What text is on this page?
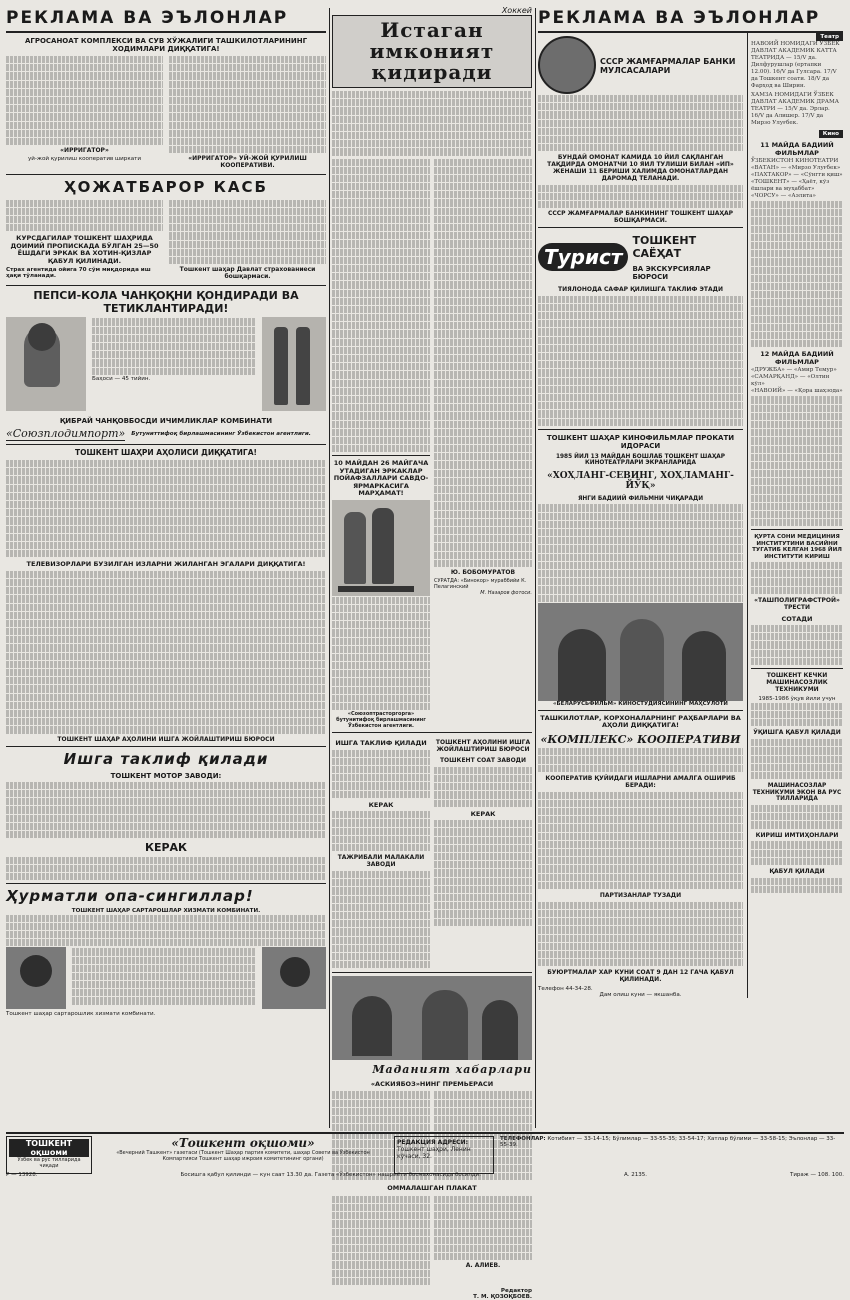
РЕКЛАМА ВА ЭЪЛОНЛАР
АГРОСАНОАТ КОМПЛЕКСИ ВА СУВ ХЎЖАЛИГИ ТАШКИЛОТЛАРИНИНГ ХОДИМЛАРИ ДИҚҚАТИГА!
«ИРРИГАТОР»
уй-жой қурилиш кооператив ширкати	«ИРРИГАТОР» УЙ-ЖОЙ ҚУРИЛИШ КООПЕРАТИВИ.
ҲОЖАТБАРОР КАСБ
КУРСДАГИЛАР ТОШКЕНТ ШАҲРИДА ДОИМИЙ ПРОПИСКАДА БЎЛГАН 25—50 ЁШДАГИ ЭРКАК ВА ХОТИН-ҚИЗЛАР ҚАБУЛ ҚИЛИНАДИ.
Страх агентида ойига 70 сўм миқдорида иш ҳақи тўланади.
Тошкент шаҳар Давлат страхованиеси бошқармаси.
ПЕПСИ-КОЛА ЧАНҚОҚНИ ҚОНДИРАДИ ВА ТЕТИКЛАНТИРАДИ!
Баҳоси — 45 тийин.
ҚИБРАЙ ЧАНҚОВБОСДИ ИЧИМЛИКЛАР КОМБИНАТИ
«Союзплодимпорт» Бутуниттифоқ бирлашмасининг Ўзбекистон агентлиги.
ТОШКЕНТ ШАҲРИ АҲОЛИСИ ДИҚҚАТИГА!
ТЕЛЕВИЗОРЛАРИ БУЗИЛГАН ИЗЛАРНИ ЖИЛАНГАН ЭГАЛАРИ ДИҚҚАТИГА!
ТОШКЕНТ ШАҲАР АҲОЛИНИ ИШГА ЖОЙЛАШТИРИШ БЮРОСИ
Ишга таклиф қилади
ТОШКЕНТ МОТОР ЗАВОДИ:
КЕРАК
Ҳурматли опа-сингиллар!
ТОШКЕНТ ШАҲАР САРТАРОШЛАР ХИЗМАТИ КОМБИНАТИ.
Тошкент шаҳар сартарошлик хизмати комбинати.
Хоккей
Истаган имконият қидиради
10 МАЙДАН 26 МАЙГАЧА УТАДИГАН ЭРКАКЛАР ПОЙАФЗАЛЛАРИ САВДО-ЯРМАРКАСИГА МАРҲАМАТ!
«Союзоптрасторгорга» бутунитифоқ бирлашмасининг Ўзбекистон агентлиги.
Ю. БОБОМУРАТОВ
СУРАТДА: «Бинокор» мураббийи К. Пелагинский
М. Назаров фотоси.
ИШГА ТАКЛИФ ҚИЛАДИ
КЕРАК
ТАЖРИБАЛИ МАЛАКАЛИ ЗАВОДИ
ТОШКЕНТ АҲОЛИНИ ИШГА ЖОЙЛАШТИРИШ БЮРОСИ
ТОШКЕНТ СОАТ ЗАВОДИ
КЕРАК
Маданият хабарлари
«АСКИЯБОЗ»НИНГ ПРЕМЬЕРАСИ
ОММАЛАШГАН ПЛАКАТ
А. АЛИЕВ.
Редактор
Т. М. ҚОЗОҚБОЕВ.
РЕКЛАМА ВА ЭЪЛОНЛАР
СССР ЖАМҒАРМАЛАР БАНКИ МУЛСАСАЛАРИ
БУНДАЙ ОМОНАТ КАМИДА 10 ЙИЛ САҚЛАНГАН ТАҚДИРДА ОМОНАТЧИ 10 ЯИЛ ТУЛИШИ БИЛАН «ИП» ЖЕНАШИ 11 БЕРИШИ ХАЛИМДА ОМОНАТЛАРДАН ДАРОМАД ТЕЛАНАДИ.
СССР ЖАМҒАРМАЛАР БАНКИНИНГ ТОШКЕНТ ШАҲАР БОШҚАРМАСИ.
Турист
ТОШКЕНТ САЁҲАТ
ВА ЭКСКУРСИЯЛАР БЮРОСИ
ТИЯЛОНОДА САФАР ҚИЛИШГА ТАКЛИФ ЭТАДИ
ТОШКЕНТ ШАҲАР КИНОФИЛЬМЛАР ПРОКАТИ ИДОРАСИ
1985 ЙИЛ 13 МАЙДАН БОШЛАБ ТОШКЕНТ ШАҲАР КИНОТЕАТРЛАРИ ЭКРАНЛАРИДА
«ХОҲЛАНГ-СЕВИНГ, ХОҲЛАМАНГ-ЙЎҚ»
ЯНГИ БАДИИЙ ФИЛЬМНИ ЧИҚАРАДИ
«БЕЛАРУСЬФИЛЬМ» КИНОСТУДИЯСИНИНГ МАҲСУЛОТИ
ТАШКИЛОТЛАР, КОРХОНАЛАРНИНГ РАҲБАРЛАРИ ВА АҲОЛИ ДИҚҚАТИГА!
«КОМПЛЕКС» КООПЕРАТИВИ
КООПЕРАТИВ ҚУЙИДАГИ ИШЛАРНИ АМАЛГА ОШИРИБ БЕРАДИ:
ПАРТИЗАНЛАР ТУЗАДИ
БУЮРТМАЛАР ХАР КУНИ СОАТ 9 ДАН 12 ГАЧА ҚАБУЛ ҚИЛИНАДИ.
Телефон 44-34-28.
Дам олиш куни — якшанба.
Театр
НАВОИЙ НОМИДАГИ ЎЗБЕК ДАВЛАТ АКАДЕМИК КАТТА ТЕАТРИДА — 15/V да. Дилфурушлар (ертапки 12.00). 16/V да Гулсара. 17/V да Тошкент соати. 18/V да Фарҳод ва Ширин.
ХАМЗА НОМИДАГИ ЎЗБЕК ДАВЛАТ АКАДЕМИК ДРАМА ТЕАТРИ — 15/V да. Эрлар. 16/V да Алишер. 17/V да Мирзо Улуғбек.
Кино
11 МАЙДА БАДИИЙ ФИЛЬМЛАР
ЎЗБЕКИСТОН КИНОТЕАТРИ
«ВАТАН» — «Мирзо Улуғбек»
«ПАХТАКОР» — «Сўнгги қиш»
«ТОШКЕНТ» — «Ҳаёт, кўз ёшлари ва муҳаббат»
«ЧОРСУ» — «Аэлитa»
12 МАЙДА БАДИИЙ ФИЛЬМЛАР
«ДРУЖБА» — «Амир Темур»
«САМАРҚАНД» — «Олтин кўл»
«НАВОИЙ» — «Қора шаҳзода»
ҚУРТА СОНИ МЕДИЦИНИЯ ИНСТИТУТИНИ ВАСИЙНИ ТУГАТИБ КЕЛГАН 1968 ЙИЛ ИНСТИТУТИ КИРИШ
«ТАШПОЛИГРАФСТРОЙ» ТРЕСТИ
СОТАДИ
ТОШКЕНТ КЕЧКИ МАШИНАСОЗЛИК ТЕХНИКУМИ
1985-1986 ўқув йили учун
ЎҚИШГА ҚАБУЛ ҚИЛАДИ
МАШИНАСОЗЛАР ТЕХНИКУМИ ЭКОН ВА РУС ТИЛЛАРИДА
КИРИШ ИМТИҲОНЛАРИ
ҚАБУЛ ҚИЛАДИ
ТОШКЕНТ оқшоми
Ўзбек ва рус тилларида чиқади
«Тошкент оқшоми»
«Вечерний Ташкент» газетаси (Тошкент Шаҳар партия комитети, шаҳар Совети ва Ўзбекистон Компартияси Тошкент шаҳар ижроия комитетининг органи)
РЕДАКЦИЯ АДРЕСИ:
Тошкент шаҳри, Ленин кўчаси, 32.
ТЕЛЕФОНЛАР: Котибият — 33-14-15; Бўлимлар — 33-55-35; 33-54-17; Хатлар бўлими — 33-58-15; Эълонлар — 33-55-39.
Р — 13928.	Босишга қабул қилинди — кун саат 13.30 да. Газета «Ўзбекистон» нашриёти босмахонасида босилди.	А. 2135.	Тираж — 108. 100.
